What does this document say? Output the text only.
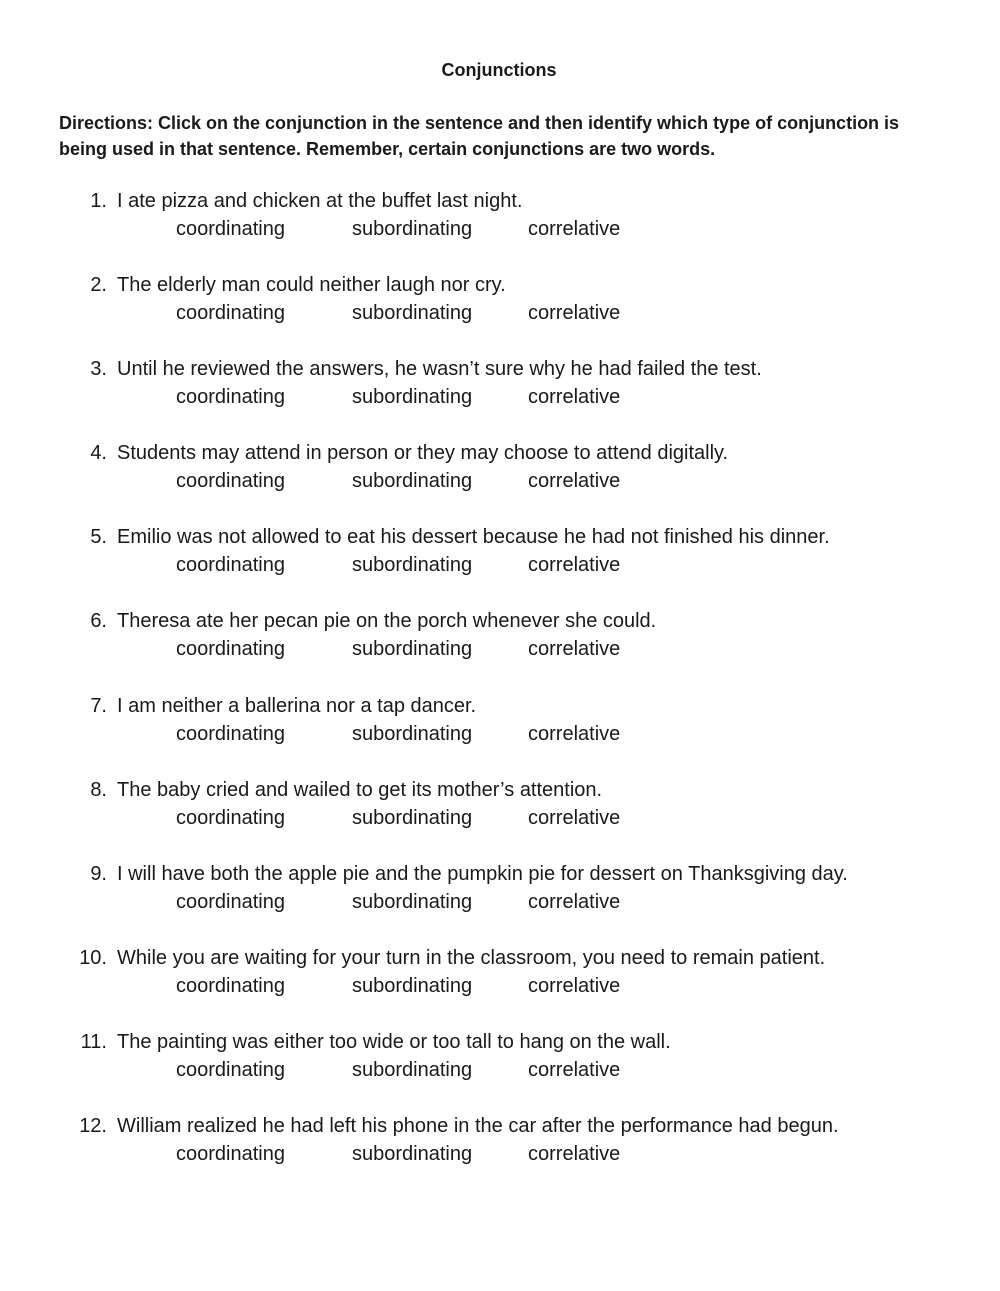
Conjunctions
Directions: Click on the conjunction in the sentence and then identify which type of conjunction is being used in that sentence. Remember, certain conjunctions are two words.
1. I ate pizza and chicken at the buffet last night.
coordinating	subordinating	correlative
2. The elderly man could neither laugh nor cry.
coordinating	subordinating	correlative
3. Until he reviewed the answers, he wasn’t sure why he had failed the test.
coordinating	subordinating	correlative
4. Students may attend in person or they may choose to attend digitally.
coordinating	subordinating	correlative
5. Emilio was not allowed to eat his dessert because he had not finished his dinner.
coordinating	subordinating	correlative
6. Theresa ate her pecan pie on the porch whenever she could.
coordinating	subordinating	correlative
7. I am neither a ballerina nor a tap dancer.
coordinating	subordinating	correlative
8. The baby cried and wailed to get its mother’s attention.
coordinating	subordinating	correlative
9. I will have both the apple pie and the pumpkin pie for dessert on Thanksgiving day.
coordinating	subordinating	correlative
10. While you are waiting for your turn in the classroom, you need to remain patient.
coordinating	subordinating	correlative
11. The painting was either too wide or too tall to hang on the wall.
coordinating	subordinating	correlative
12. William realized he had left his phone in the car after the performance had begun.
coordinating	subordinating	correlative
